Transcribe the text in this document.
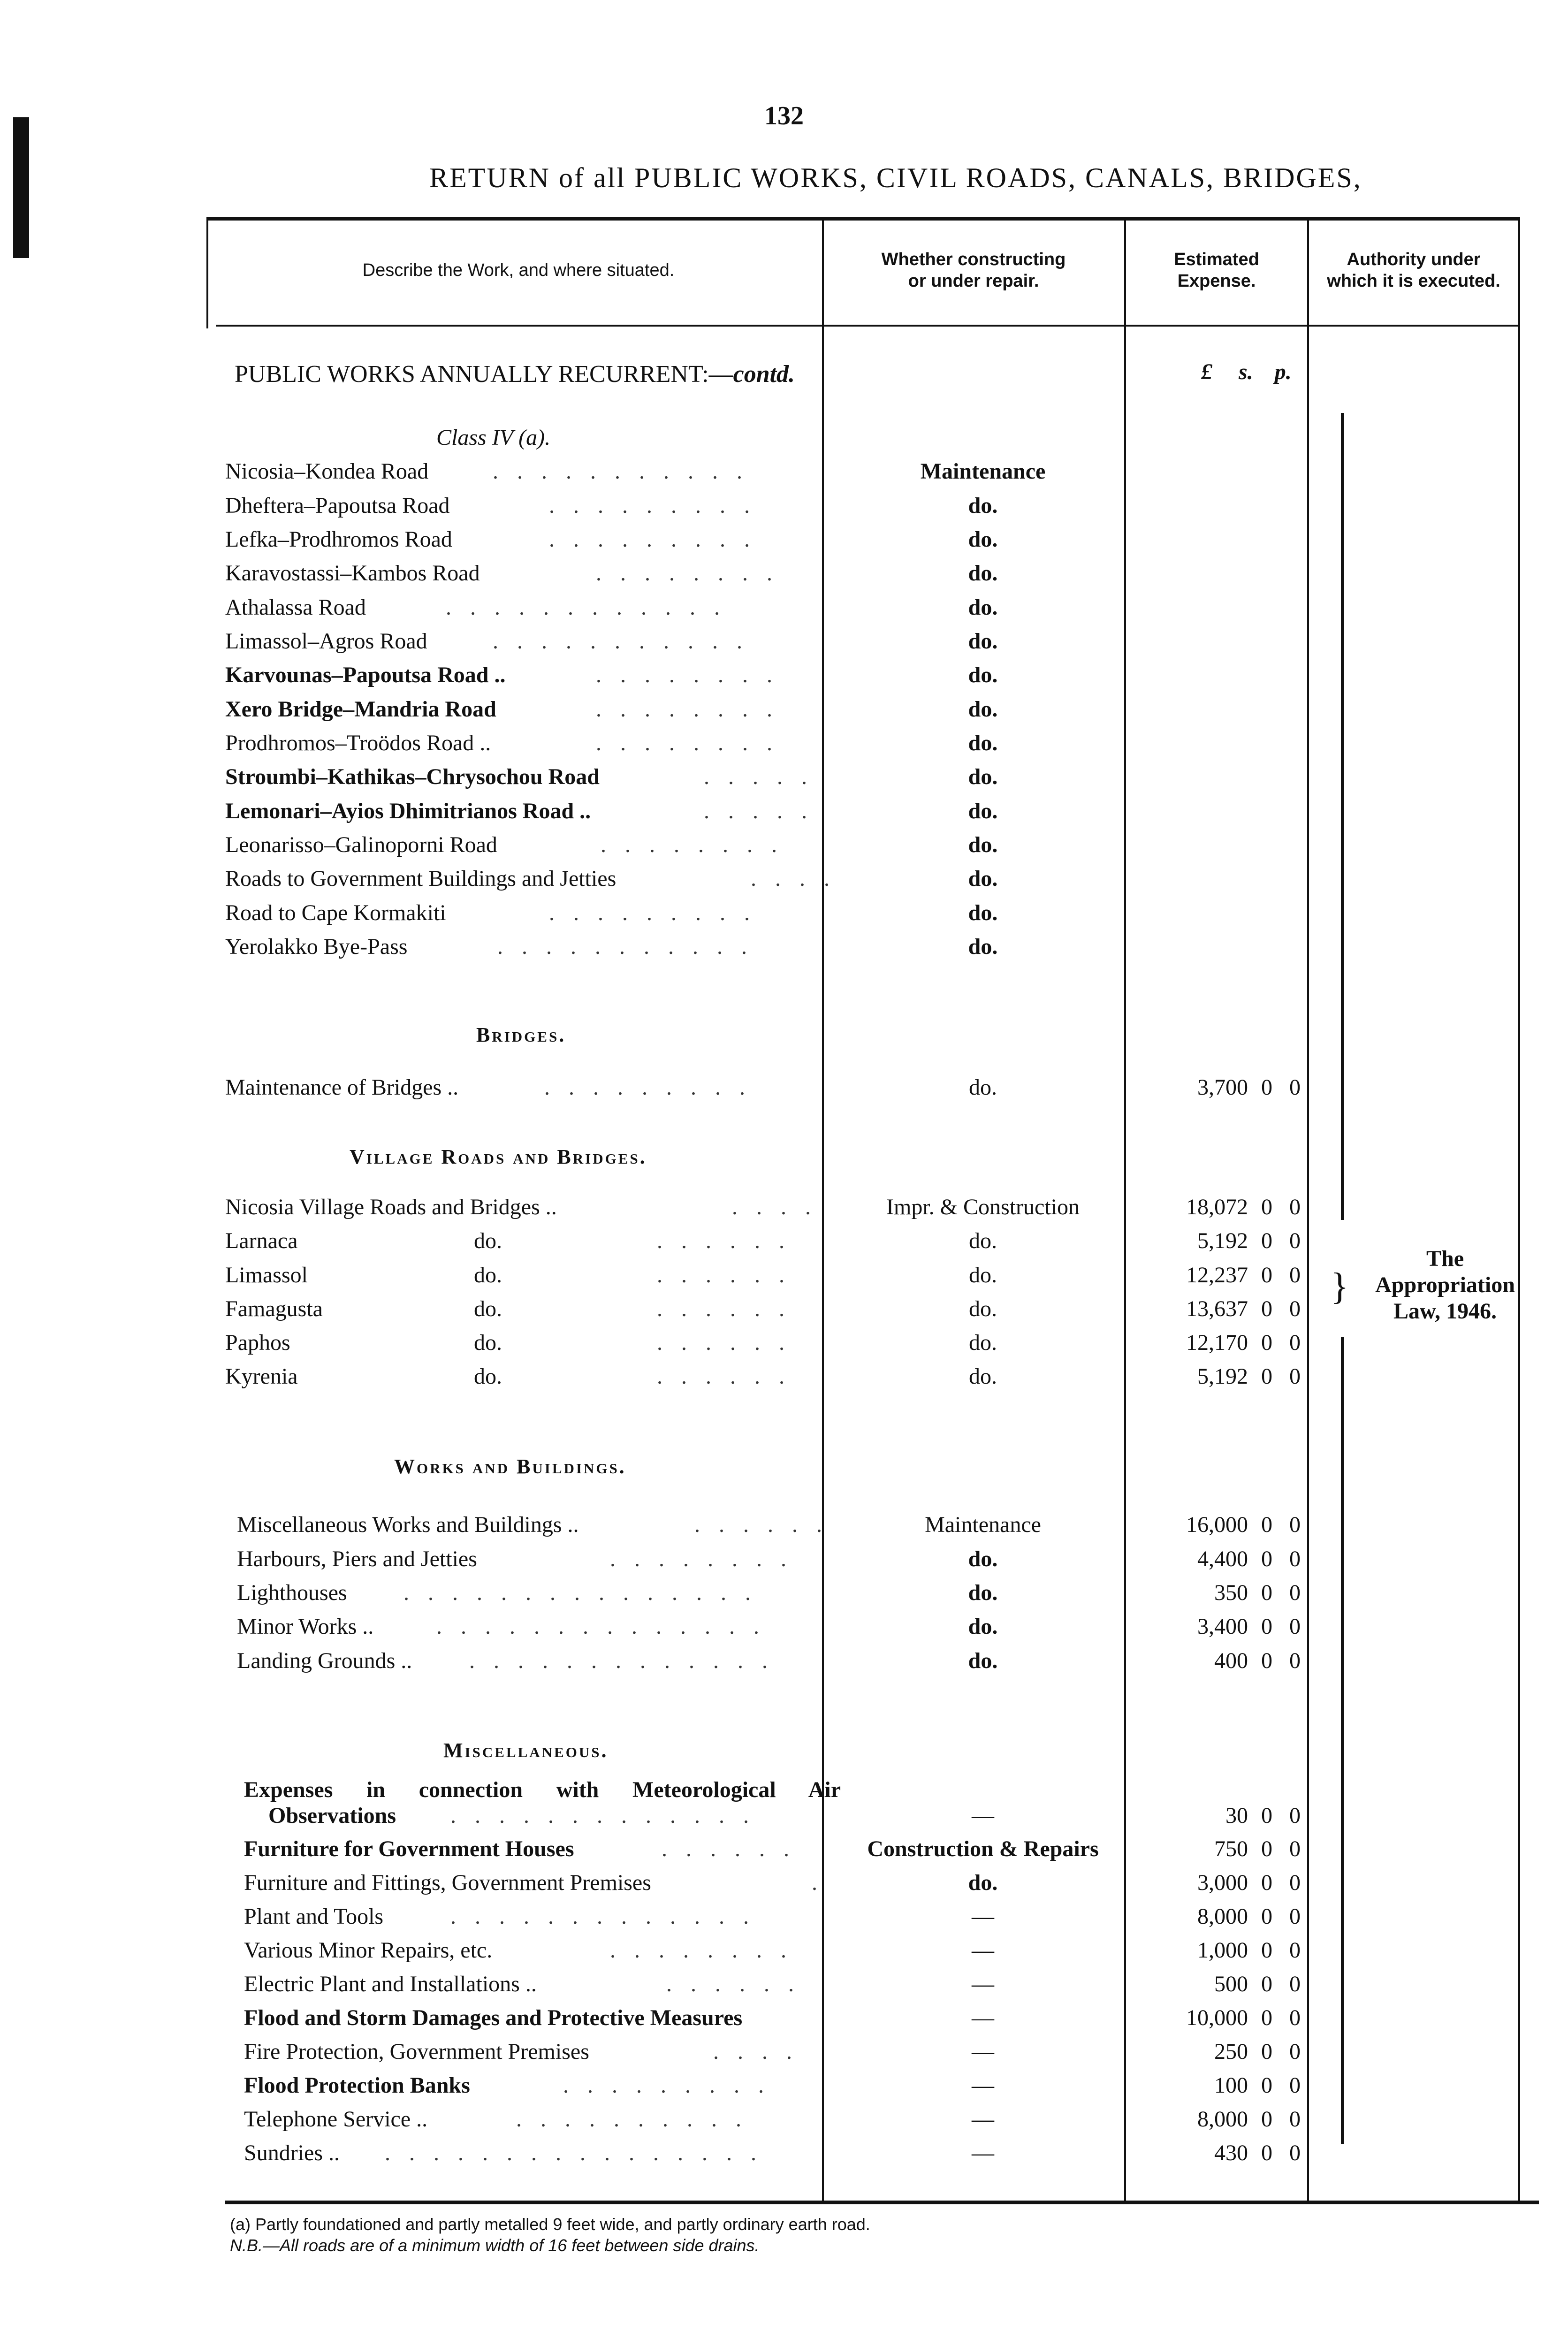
132
RETURN of all PUBLIC WORKS, CIVIL ROADS, CANALS, BRIDGES,
Describe the Work, and where situated.
Whether constructing
or under repair.
Estimated
Expense.
Authority under
which it is executed.
PUBLIC WORKS ANNUALLY RECURRENT:—contd.	£ s. p.
Class IV (a).
Nicosia–Kondea Road	. . . . . . . . . . .	Maintenance
Dheftera–Papoutsa Road	. . . . . . . . .	do.
Lefka–Prodhromos Road	. . . . . . . . .	do.
Karavostassi–Kambos Road	. . . . . . . .	do.
Athalassa Road	. . . . . . . . . . . .	do.
Limassol–Agros Road	. . . . . . . . . . .	do.
Karvounas–Papoutsa Road ..	. . . . . . . .	do.
Xero Bridge–Mandria Road	. . . . . . . .	do.
Prodhromos–Troödos Road ..	. . . . . . . .	do.
Stroumbi–Kathikas–Chrysochou Road	. . . . .	do.
Lemonari–Ayios Dhimitrianos Road ..	. . . . .	do.
Leonarisso–Galinoporni Road	. . . . . . . .	do.
Roads to Government Buildings and Jetties	. . . .	do.
Road to Cape Kormakiti	. . . . . . . . .	do.
Yerolakko Bye-Pass	. . . . . . . . . . .	do.
Bridges.
Maintenance of Bridges ..	. . . . . . . . .	do.	3,700 0 0
Village Roads and Bridges.
Nicosia Village Roads and Bridges ..	. . . .	Impr. & Construction	18,072 0 0
Larnaca	do.	. . . . . .	do.	5,192 0 0
Limassol	do.	. . . . . .	do.	12,237 0 0
Famagusta	do.	. . . . . .	do.	13,637 0 0
Paphos	do.	. . . . . .	do.	12,170 0 0
Kyrenia	do.	. . . . . .	do.	5,192 0 0
Works and Buildings.
Miscellaneous Works and Buildings ..	. . . . . .	Maintenance	16,000 0 0
Harbours, Piers and Jetties	. . . . . . . .	do.	4,400 0 0
Lighthouses	. . . . . . . . . . . . . . .	do.	350 0 0
Minor Works ..	. . . . . . . . . . . . . .	do.	3,400 0 0
Landing Grounds ..	. . . . . . . . . . . . .	do.	400 0 0
Miscellaneous.
Expenses in connection with Meteorological Air
Observations . . . . . . . . . . . . .	—	30 0 0
Furniture for Government Houses	. . . . . .	Construction & Repairs	750 0 0
Furniture and Fittings, Government Premises	.	do.	3,000 0 0
Plant and Tools	. . . . . . . . . . . . .	—	8,000 0 0
Various Minor Repairs, etc.	. . . . . . . .	—	1,000 0 0
Electric Plant and Installations ..	. . . . . .	—	500 0 0
Flood and Storm Damages and Protective Measures	—	10,000 0 0
Fire Protection, Government Premises	. . . .	—	250 0 0
Flood Protection Banks	. . . . . . . . .	—	100 0 0
Telephone Service ..	. . . . . . . . . .	—	8,000 0 0
Sundries .. . . . . . . . . . . . . . . . .	—	430 0 0
}
The
Appropriation
Law, 1946.
(a) Partly foundationed and partly metalled 9 feet wide, and partly ordinary earth road.
N.B.—All roads are of a minimum width of 16 feet between side drains.
